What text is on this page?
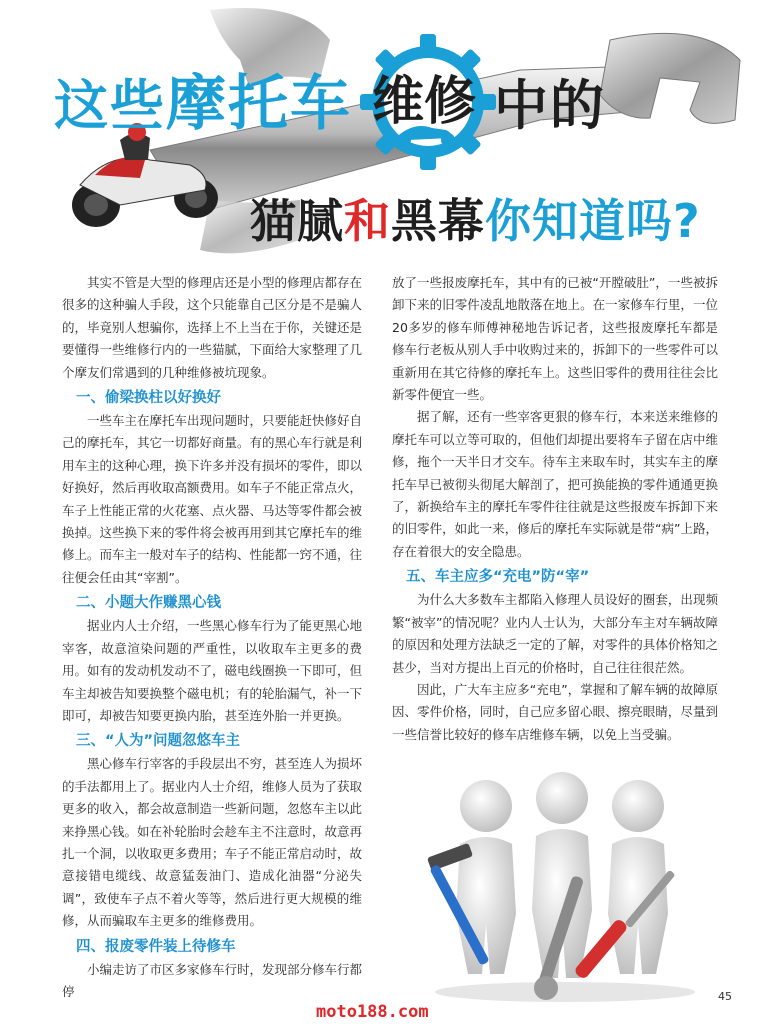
这些摩托车	中的
维修
猫腻和黑幕你知道吗?

其实不管是大型的修理店还是小型的修理店都存在很多的这种骗人手段，这个只能靠自己区分是不是骗人的，毕竟别人想骗你，选择上不上当在于你，关键还是要懂得一些维修行内的一些猫腻，下面给大家整理了几个摩友们常遇到的几种维修被坑现象。

一、偷梁换柱以好换好

一些车主在摩托车出现问题时，只要能赶快修好自己的摩托车，其它一切都好商量。有的黑心车行就是利用车主的这种心理，换下许多并没有损坏的零件，即以好换好，然后再收取高额费用。如车子不能正常点火，车子上性能正常的火花塞、点火器、马达等零件都会被换掉。这些换下来的零件将会被再用到其它摩托车的维修上。而车主一般对车子的结构、性能都一窍不通，往往便会任由其“宰割”。

二、小题大作赚黑心钱

据业内人士介绍，一些黑心修车行为了能更黑心地宰客，故意渲染问题的严重性，以收取车主更多的费用。如有的发动机发动不了，磁电线圈换一下即可，但车主却被告知要换整个磁电机；有的轮胎漏气，补一下即可，却被告知要更换内胎，甚至连外胎一并更换。

三、“人为”问题忽悠车主

黑心修车行宰客的手段层出不穷，甚至连人为损坏的手法都用上了。据业内人士介绍，维修人员为了获取更多的收入，都会故意制造一些新问题，忽悠车主以此来挣黑心钱。如在补轮胎时会趁车主不注意时，故意再扎一个洞，以收取更多费用；车子不能正常启动时，故意接错电缆线、故意猛轰油门、造成化油器“分泌失调”，致使车子点不着火等等，然后进行更大规模的维修，从而骗取车主更多的维修费用。

四、报废零件装上待修车

小编走访了市区多家修车行时，发现部分修车行都停

放了一些报废摩托车，其中有的已被“开膛破肚”，一些被拆卸下来的旧零件凌乱地散落在地上。在一家修车行里，一位20多岁的修车师傅神秘地告诉记者，这些报废摩托车都是修车行老板从别人手中收购过来的，拆卸下的一些零件可以重新用在其它待修的摩托车上。这些旧零件的费用往往会比新零件便宜一些。

据了解，还有一些宰客更狠的修车行，本来送来维修的摩托车可以立等可取的，但他们却提出要将车子留在店中维修，拖个一天半日才交车。待车主来取车时，其实车主的摩托车早已被彻头彻尾大解剖了，把可换能换的零件通通更换了，新换给车主的摩托车零件往往就是这些报废车拆卸下来的旧零件，如此一来，修后的摩托车实际就是带“病”上路，存在着很大的安全隐患。

五、车主应多“充电”防“宰”

为什么大多数车主都陷入修理人员设好的圈套，出现频繁“被宰”的情况呢？业内人士认为，大部分车主对车辆故障的原因和处理方法缺乏一定的了解，对零件的具体价格知之甚少，当对方提出上百元的价格时，自己往往很茫然。

因此，广大车主应多“充电”，掌握和了解车辆的故障原因、零件价格，同时，自己应多留心眼、擦亮眼睛，尽量到一些信誉比较好的修车店维修车辆，以免上当受骗。

moto188.com
45
